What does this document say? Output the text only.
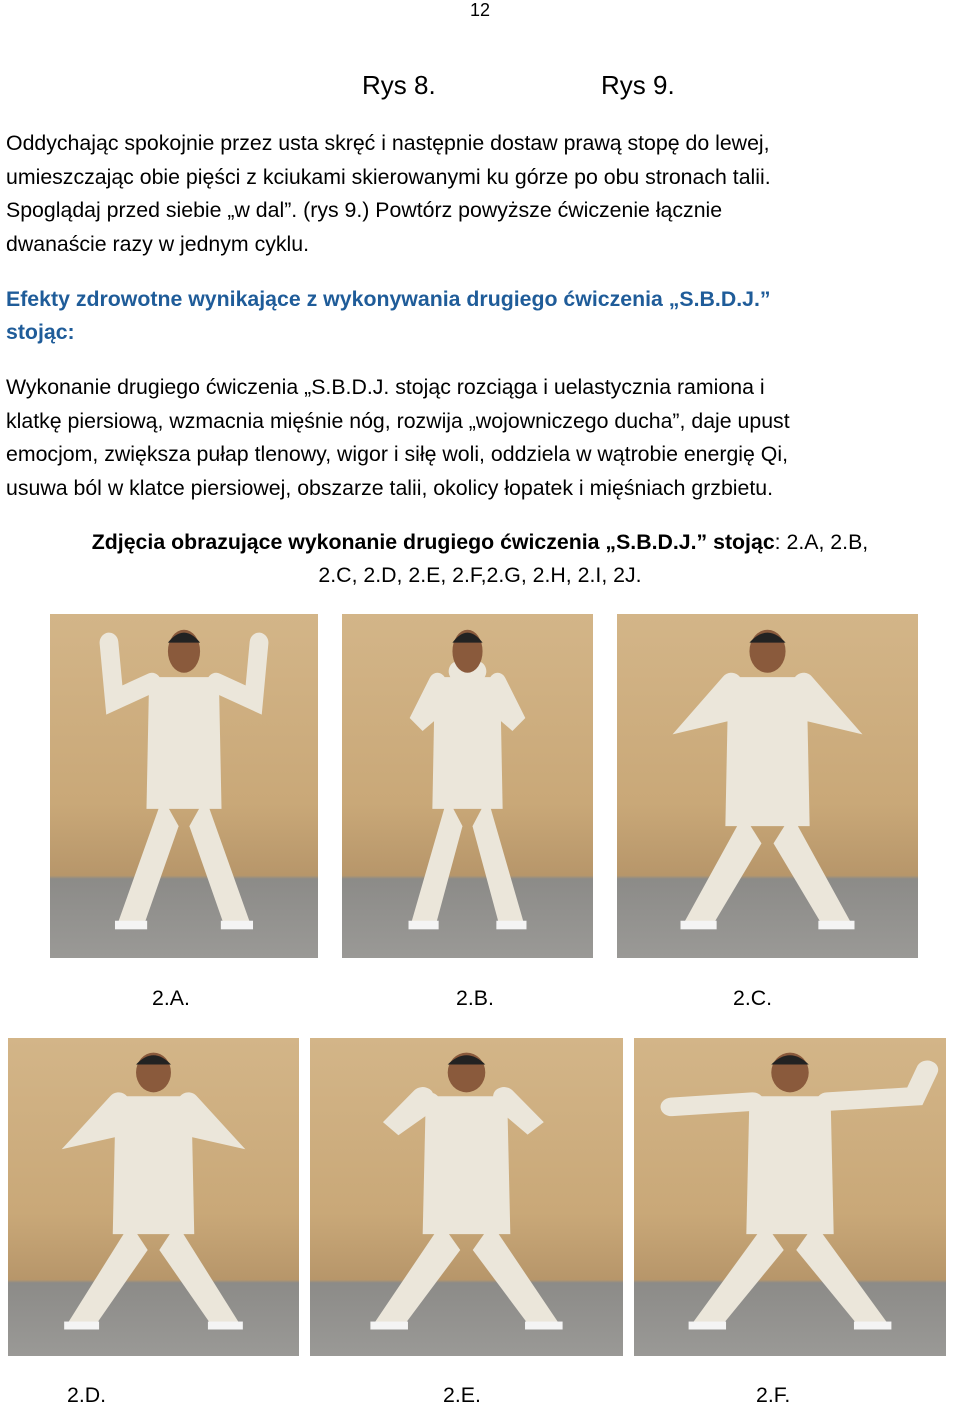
12
Rys 8.	Rys 9.
Oddychając spokojnie przez usta skręć i następnie dostaw prawą stopę do lewej,
umieszczając obie pięści z kciukami skierowanymi ku górze po obu stronach talii.
Spoglądaj przed siebie „w dal”. (rys 9.) Powtórz powyższe ćwiczenie łącznie
dwanaście razy w jednym cyklu.
Efekty zdrowotne wynikające z wykonywania drugiego ćwiczenia „S.B.D.J.”
stojąc:
Wykonanie drugiego ćwiczenia „S.B.D.J. stojąc rozciąga i uelastycznia ramiona i
klatkę piersiową, wzmacnia mięśnie nóg, rozwija „wojowniczego ducha”, daje upust
emocjom, zwiększa pułap tlenowy, wigor i siłę woli, oddziela w wątrobie energię Qi,
usuwa ból w klatce piersiowej, obszarze talii, okolicy łopatek i mięśniach grzbietu.
Zdjęcia obrazujące wykonanie drugiego ćwiczenia „S.B.D.J.” stojąc: 2.A, 2.B,
2.C, 2.D, 2.E, 2.F,2.G, 2.H, 2.I, 2J.
2.A.	2.B.	2.C.
2.D.	2.E.	2.F.
